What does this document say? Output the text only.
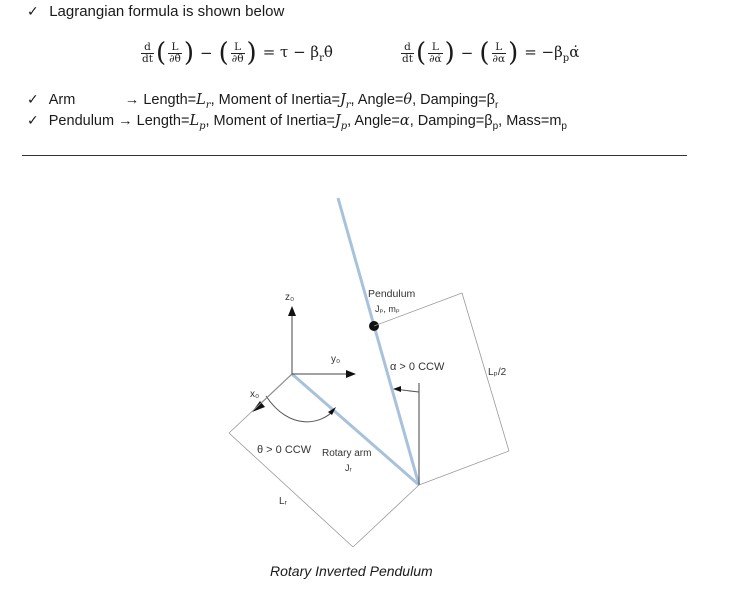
✓ Lagrangian formula is shown below
$\frac{d}{dt}$ ( $\frac{L}{\partial\thetȧ}$ ) − ( $\frac{L}{\partial\theta}$ ) = $\tau - \beta_r\thetȧ$	$\frac{d}{dt}$ ( $\frac{L}{\partial\alphȧ}$ ) − ( $\frac{L}{\partial\alpha}$ ) = $-\beta_p\alphȧ$
✓ Arm	→ $Length=L_r$, Moment of $Inertia=J_r$, Angle=θ, $Damping=\beta_r$
✓ Pendulum → $Length=L_p$, Moment of $Inertia=J_p$, Angle=α, $Damping=\beta_p$, $Mass=m_p$
z₀
y₀
x₀
Pendulum
Jₚ, mₚ
α > 0 CCW
θ > 0 CCW
Lₚ/2
Rotary arm
Jᵣ
Lᵣ
Rotary Inverted Pendulum
